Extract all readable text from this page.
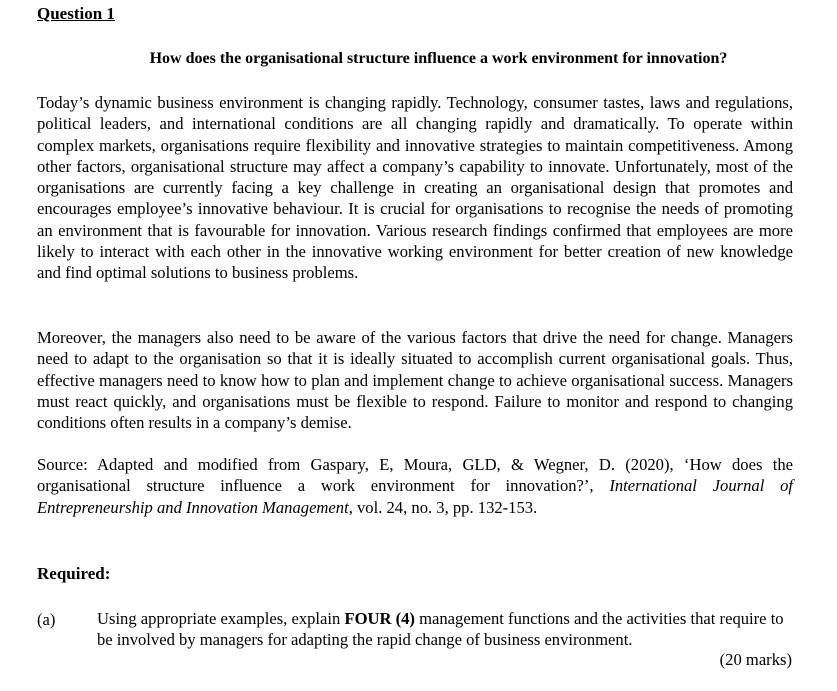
Question 1
How does the organisational structure influence a work environment for innovation?

Today’s dynamic business environment is changing rapidly. Technology, consumer tastes, laws and regulations, political leaders, and international conditions are all changing rapidly and dramatically. To operate within complex markets, organisations require flexibility and innovative strategies to maintain competitiveness. Among other factors, organisational structure may affect a company’s capability to innovate. Unfortunately, most of the organisations are currently facing a key challenge in creating an organisational design that promotes and encourages employee’s innovative behaviour. It is crucial for organisations to recognise the needs of promoting an environment that is favourable for innovation. Various research findings confirmed that employees are more likely to interact with each other in the innovative working environment for better creation of new knowledge and find optimal solutions to business problems.

Moreover, the managers also need to be aware of the various factors that drive the need for change. Managers need to adapt to the organisation so that it is ideally situated to accomplish current organisational goals. Thus, effective managers need to know how to plan and implement change to achieve organisational success. Managers must react quickly, and organisations must be flexible to respond. Failure to monitor and respond to changing conditions often results in a company’s demise.

Source: Adapted and modified from Gaspary, E, Moura, GLD, & Wegner, D. (2020), ‘How does the organisational structure influence a work environment for innovation?’, International Journal of Entrepreneurship and Innovation Management, vol. 24, no. 3, pp. 132-153.

Required:
(a)	Using appropriate examples, explain FOUR (4) management functions and the activities that require to be involved by managers for adapting the rapid change of business environment.

(20 marks)
